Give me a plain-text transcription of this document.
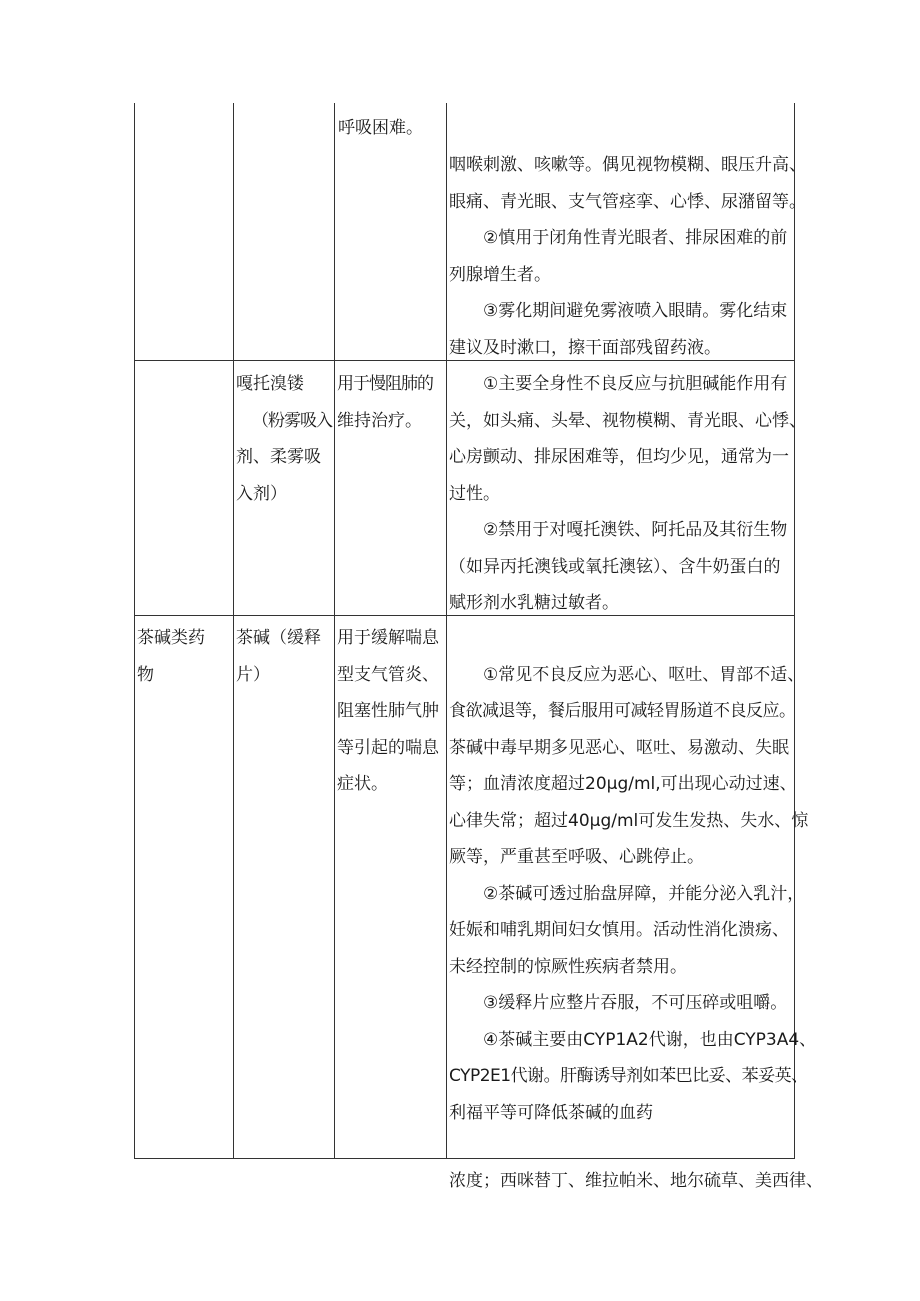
呼吸困难。
咽喉刺激、咳嗽等。偶见视物模糊、眼压升高、
眼痛、青光眼、支气管痉挛、心悸、尿潴留等。
　　②慎用于闭角性青光眼者、排尿困难的前
列腺增生者。
　　③雾化期间避免雾液喷入眼睛。雾化结束
建议及时漱口，擦干面部残留药液。
嘎托溴镂
（粉雾吸入
剂、柔雾吸
入剂）
用于慢阻肺的
维持治疗。
　　①主要全身性不良反应与抗胆碱能作用有
关，如头痛、头晕、视物模糊、青光眼、心悸、
心房颤动、排尿困难等，但均少见，通常为一
过性。
　　②禁用于对嘎托澳铁、阿托品及其衍生物
（如异丙托澳钱或氧托澳铉）、含牛奶蛋白的
赋形剂水乳糖过敏者。
茶碱类药
物
茶碱（缓释
片）
用于缓解喘息
型支气管炎、
阻塞性肺气肿
等引起的喘息
症状。
　　①常见不良反应为恶心、呕吐、胃部不适、
食欲减退等，餐后服用可减轻胃肠道不良反应。
茶碱中毒早期多见恶心、呕吐、易激动、失眠
等；血清浓度超过20μg/ml,可出现心动过速、
心律失常；超过40μg/ml可发生发热、失水、惊
厥等，严重甚至呼吸、心跳停止。
　　②茶碱可透过胎盘屏障，并能分泌入乳汁，
妊娠和哺乳期间妇女慎用。活动性消化溃疡、
未经控制的惊厥性疾病者禁用。
　　③缓释片应整片吞服，不可压碎或咀嚼。
　　④茶碱主要由CYP1A2代谢，也由CYP3A4、
CYP2E1代谢。肝酶诱导剂如苯巴比妥、苯妥英、
利福平等可降低茶碱的血药
浓度；西咪替丁、维拉帕米、地尔硫草、美西律、
